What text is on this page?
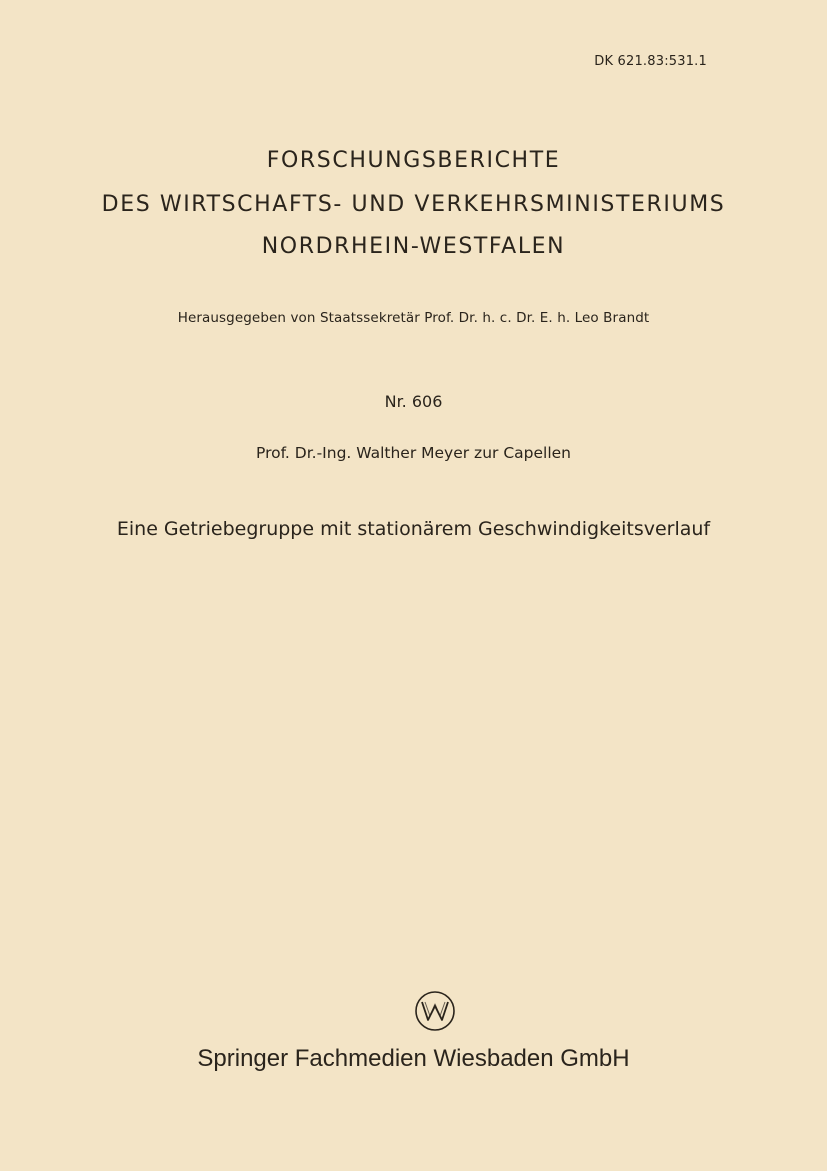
DK 621.83:531.1
FORSCHUNGSBERICHTE
DES WIRTSCHAFTS- UND VERKEHRSMINISTERIUMS
NORDRHEIN-WESTFALEN
Herausgegeben von Staatssekretär Prof. Dr. h. c. Dr. E. h. Leo Brandt
Nr. 606
Prof. Dr.-Ing. Walther Meyer zur Capellen
Eine Getriebegruppe mit stationärem Geschwindigkeitsverlauf
Springer Fachmedien Wiesbaden GmbH
